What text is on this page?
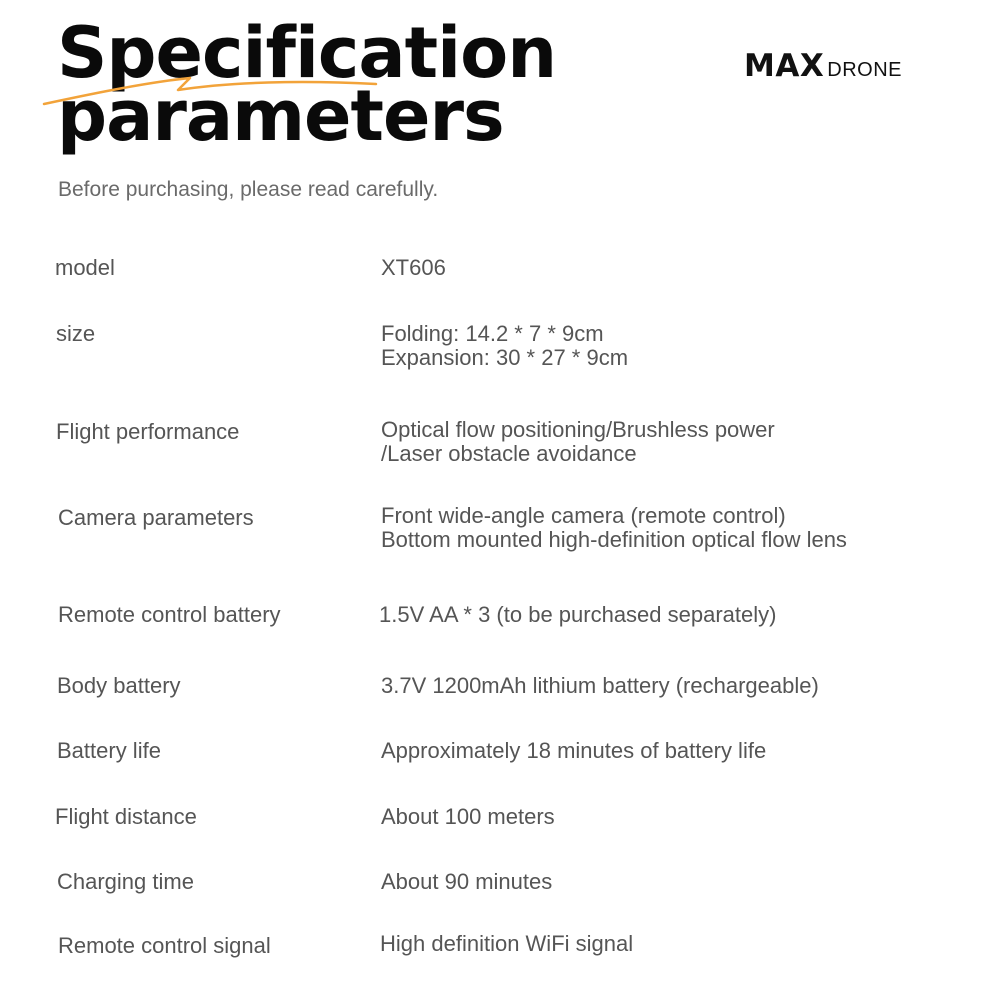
Specification
parameters
MAX DRONE

Before purchasing, please read carefully.

model	XT606
size	Folding: 14.2 * 7 * 9cm
Expansion: 30 * 27 * 9cm
Flight performance	Optical flow positioning/Brushless power
/Laser obstacle avoidance
Camera parameters	Front wide-angle camera (remote control)
Bottom mounted high-definition optical flow lens
Remote control battery	1.5V AA * 3 (to be purchased separately)
Body battery	3.7V 1200mAh lithium battery (rechargeable)
Battery life	Approximately 18 minutes of battery life
Flight distance	About 100 meters
Charging time	About 90 minutes
Remote control signal	High definition WiFi signal
